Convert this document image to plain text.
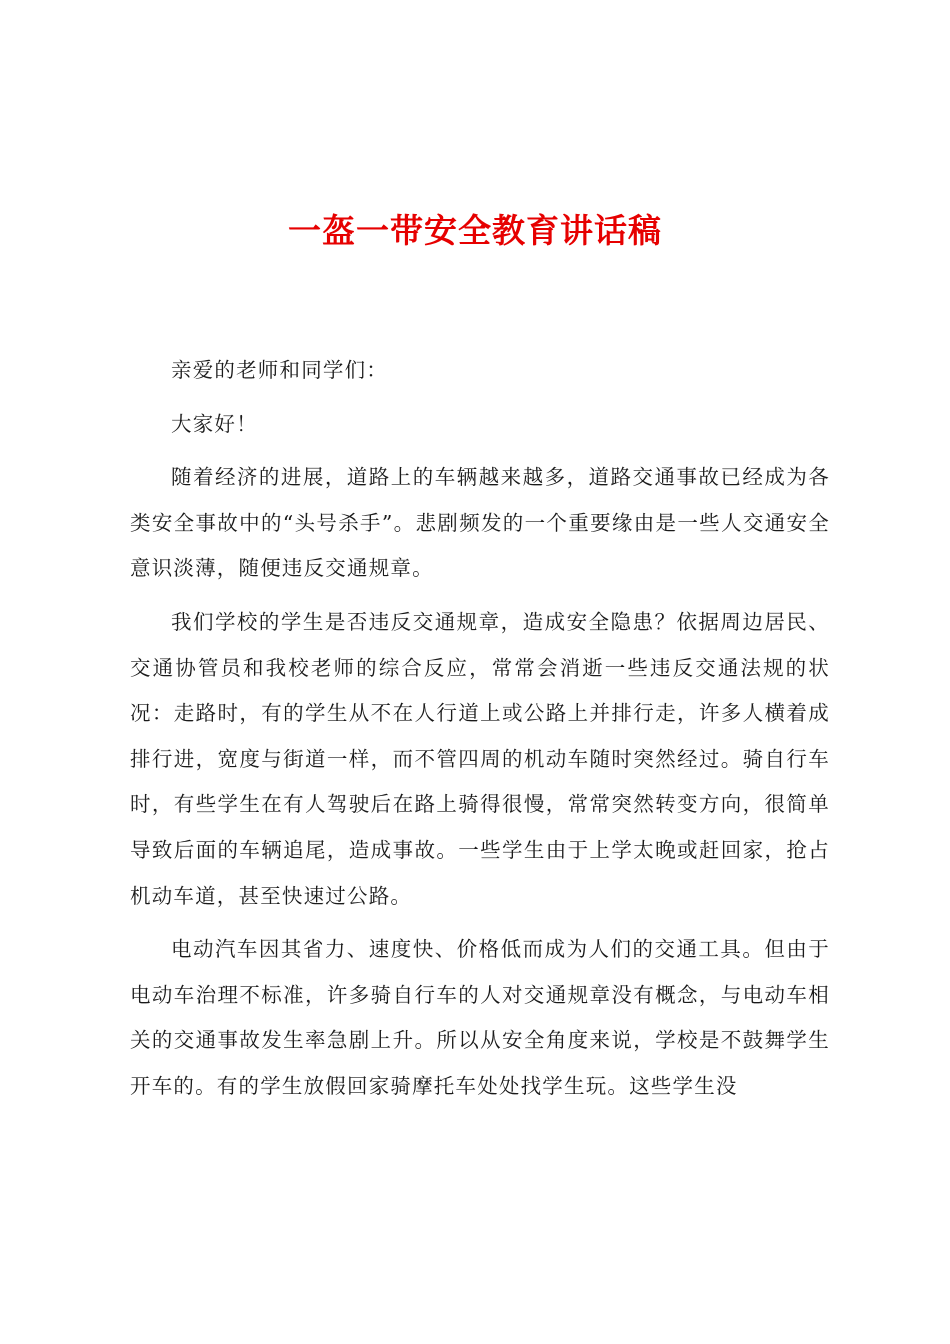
一盔一带安全教育讲话稿

亲爱的老师和同学们：

大家好！

随着经济的进展，道路上的车辆越来越多，道路交通事故已经成为各类安全事故中的“头号杀手”。悲剧频发的一个重要缘由是一些人交通安全意识淡薄，随便违反交通规章。

我们学校的学生是否违反交通规章，造成安全隐患？依据周边居民、交通协管员和我校老师的综合反应，常常会消逝一些违反交通法规的状况：走路时，有的学生从不在人行道上或公路上并排行走，许多人横着成排行进，宽度与街道一样，而不管四周的机动车随时突然经过。骑自行车时，有些学生在有人驾驶后在路上骑得很慢，常常突然转变方向，很简单导致后面的车辆追尾，造成事故。一些学生由于上学太晚或赶回家，抢占机动车道，甚至快速过公路。

电动汽车因其省力、速度快、价格低而成为人们的交通工具。但由于电动车治理不标准，许多骑自行车的人对交通规章没有概念，与电动车相关的交通事故发生率急剧上升。所以从安全角度来说，学校是不鼓舞学生开车的。有的学生放假回家骑摩托车处处找学生玩。这些学生没
